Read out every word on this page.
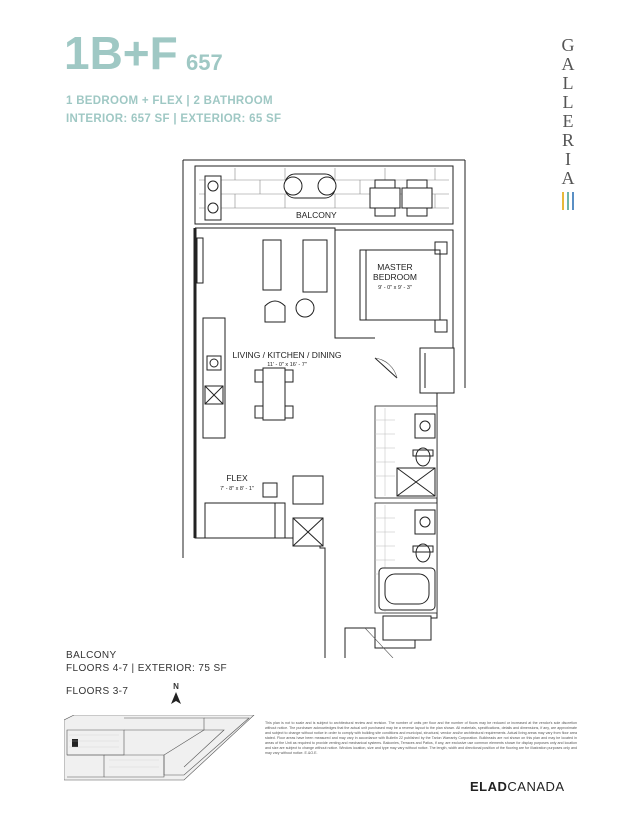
1B+F 657
1 BEDROOM + FLEX | 2 BATHROOM
INTERIOR: 657 SF | EXTERIOR: 65 SF
G
A
L
L
E
R
I
A
BALCONY
MASTER
BEDROOM
9' - 0" x 9' - 3"
LIVING / KITCHEN / DINING
11' - 0" x 16' - 7"
FLEX
7' - 8" x 8' - 1"
BALCONY
FLOORS 4-7 | EXTERIOR: 75 SF
FLOORS 3-7	N
This plan is not to scale and is subject to architectural review and revision. The number of units per floor and the number of floors may be reduced or increased at the vendor's sole discretion without notice. The purchaser acknowledges that the actual unit purchased may be a reverse layout to the plan shown. All materials, specifications, details and dimensions, if any, are approximate and subject to change without notice in order to comply with building site conditions and municipal, structural, vendor and/or architectural requirements. Actual living areas may vary from floor area stated. Floor areas have been measured and may vary in accordance with Bulletin 22 published by the Tarion Warranty Corporation. Bulkheads are not shown on this plan and may be located in areas of the Unit as required to provide venting and mechanical systems. Balconies, Terraces and Patios, if any, are exclusive use common elements shown for display purposes only and location and size are subject to change without notice. Window location, size and type may vary without notice. The length, width and directional position of the flooring are for illustration purposes only and may vary without notice. E.&O.E.
ELADCANADA
